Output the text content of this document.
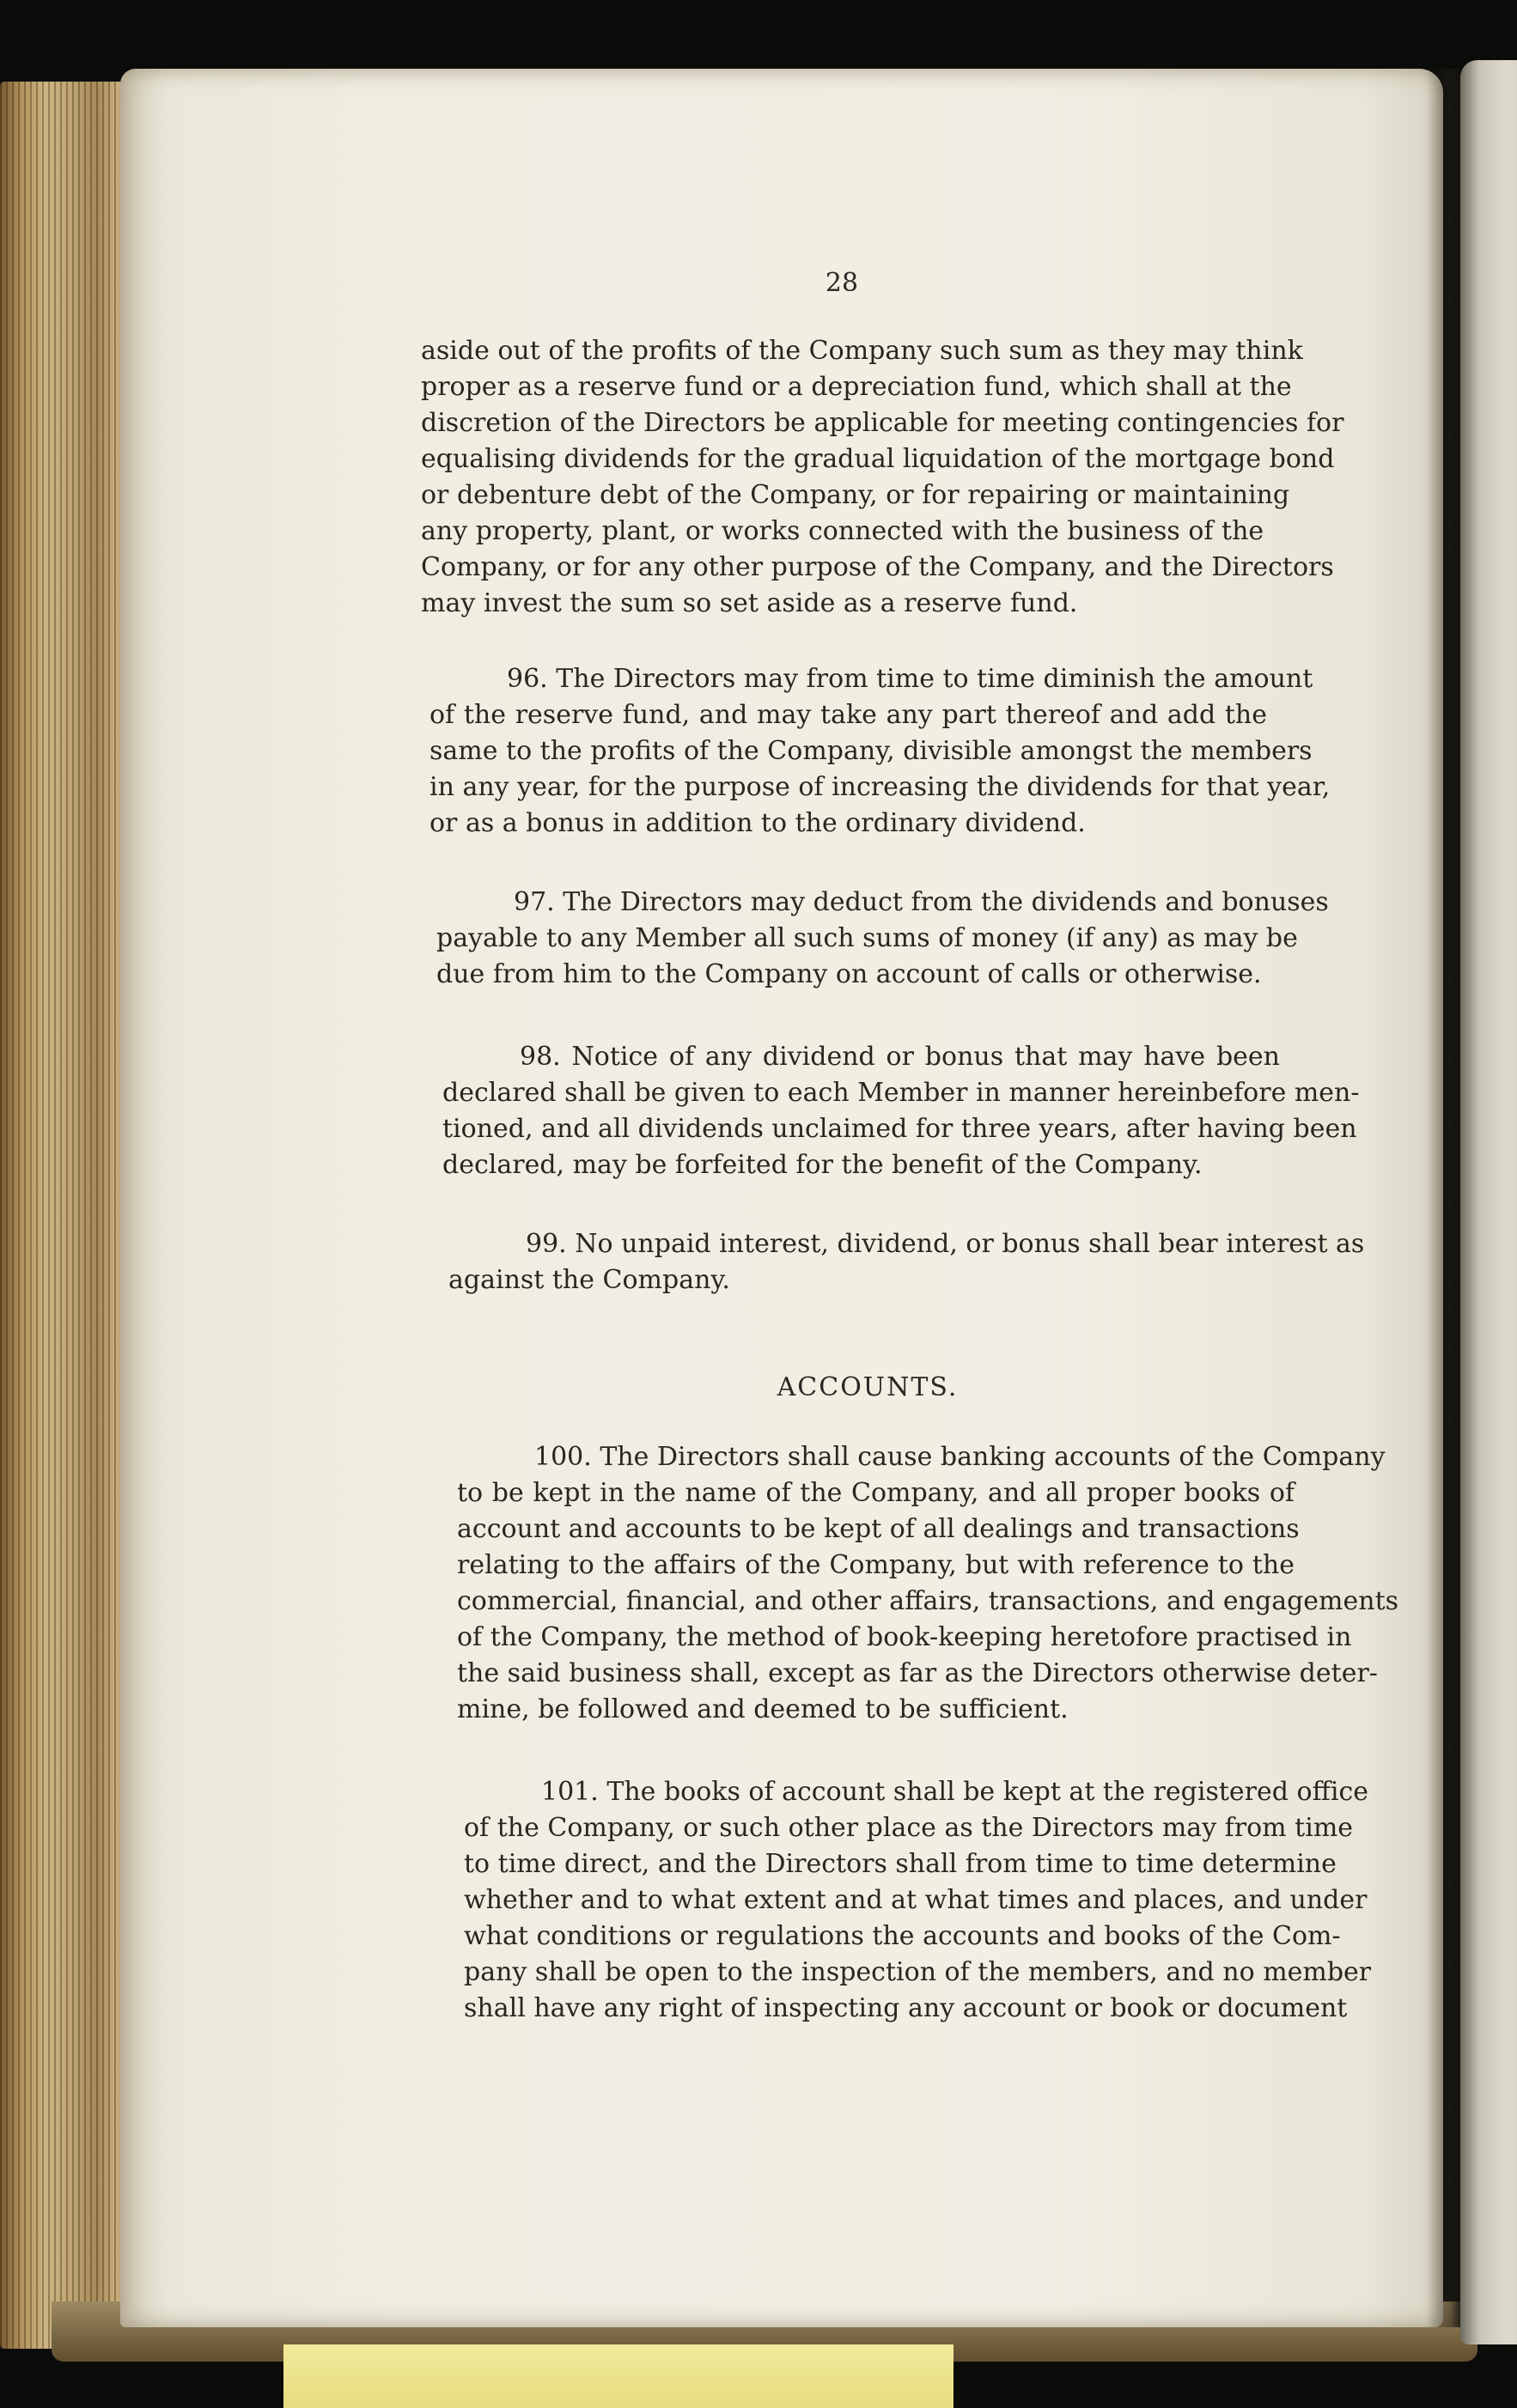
28
aside out of the profits of the Company such sum as they may think
proper as a reserve fund or a depreciation fund, which shall at the
discretion of the Directors be applicable for meeting contingencies for
equalising dividends for the gradual liquidation of the mortgage bond
or debenture debt of the Company, or for repairing or maintaining
any property, plant, or works connected with the business of the
Company, or for any other purpose of the Company, and the Directors
may invest the sum so set aside as a reserve fund.
96. The Directors may from time to time diminish the amount
of the reserve fund, and may take any part thereof and add the
same to the profits of the Company, divisible amongst the members
in any year, for the purpose of increasing the dividends for that year,
or as a bonus in addition to the ordinary dividend.
97. The Directors may deduct from the dividends and bonuses
payable to any Member all such sums of money (if any) as may be
due from him to the Company on account of calls or otherwise.
98. Notice of any dividend or bonus that may have been
declared shall be given to each Member in manner hereinbefore men-
tioned, and all dividends unclaimed for three years, after having been
declared, may be forfeited for the benefit of the Company.
99. No unpaid interest, dividend, or bonus shall bear interest as
against the Company.
ACCOUNTS.
100. The Directors shall cause banking accounts of the Company
to be kept in the name of the Company, and all proper books of
account and accounts to be kept of all dealings and transactions
relating to the affairs of the Company, but with reference to the
commercial, financial, and other affairs, transactions, and engagements
of the Company, the method of book-keeping heretofore practised in
the said business shall, except as far as the Directors otherwise deter-
mine, be followed and deemed to be sufficient.
101. The books of account shall be kept at the registered office
of the Company, or such other place as the Directors may from time
to time direct, and the Directors shall from time to time determine
whether and to what extent and at what times and places, and under
what conditions or regulations the accounts and books of the Com-
pany shall be open to the inspection of the members, and no member
shall have any right of inspecting any account or book or document
